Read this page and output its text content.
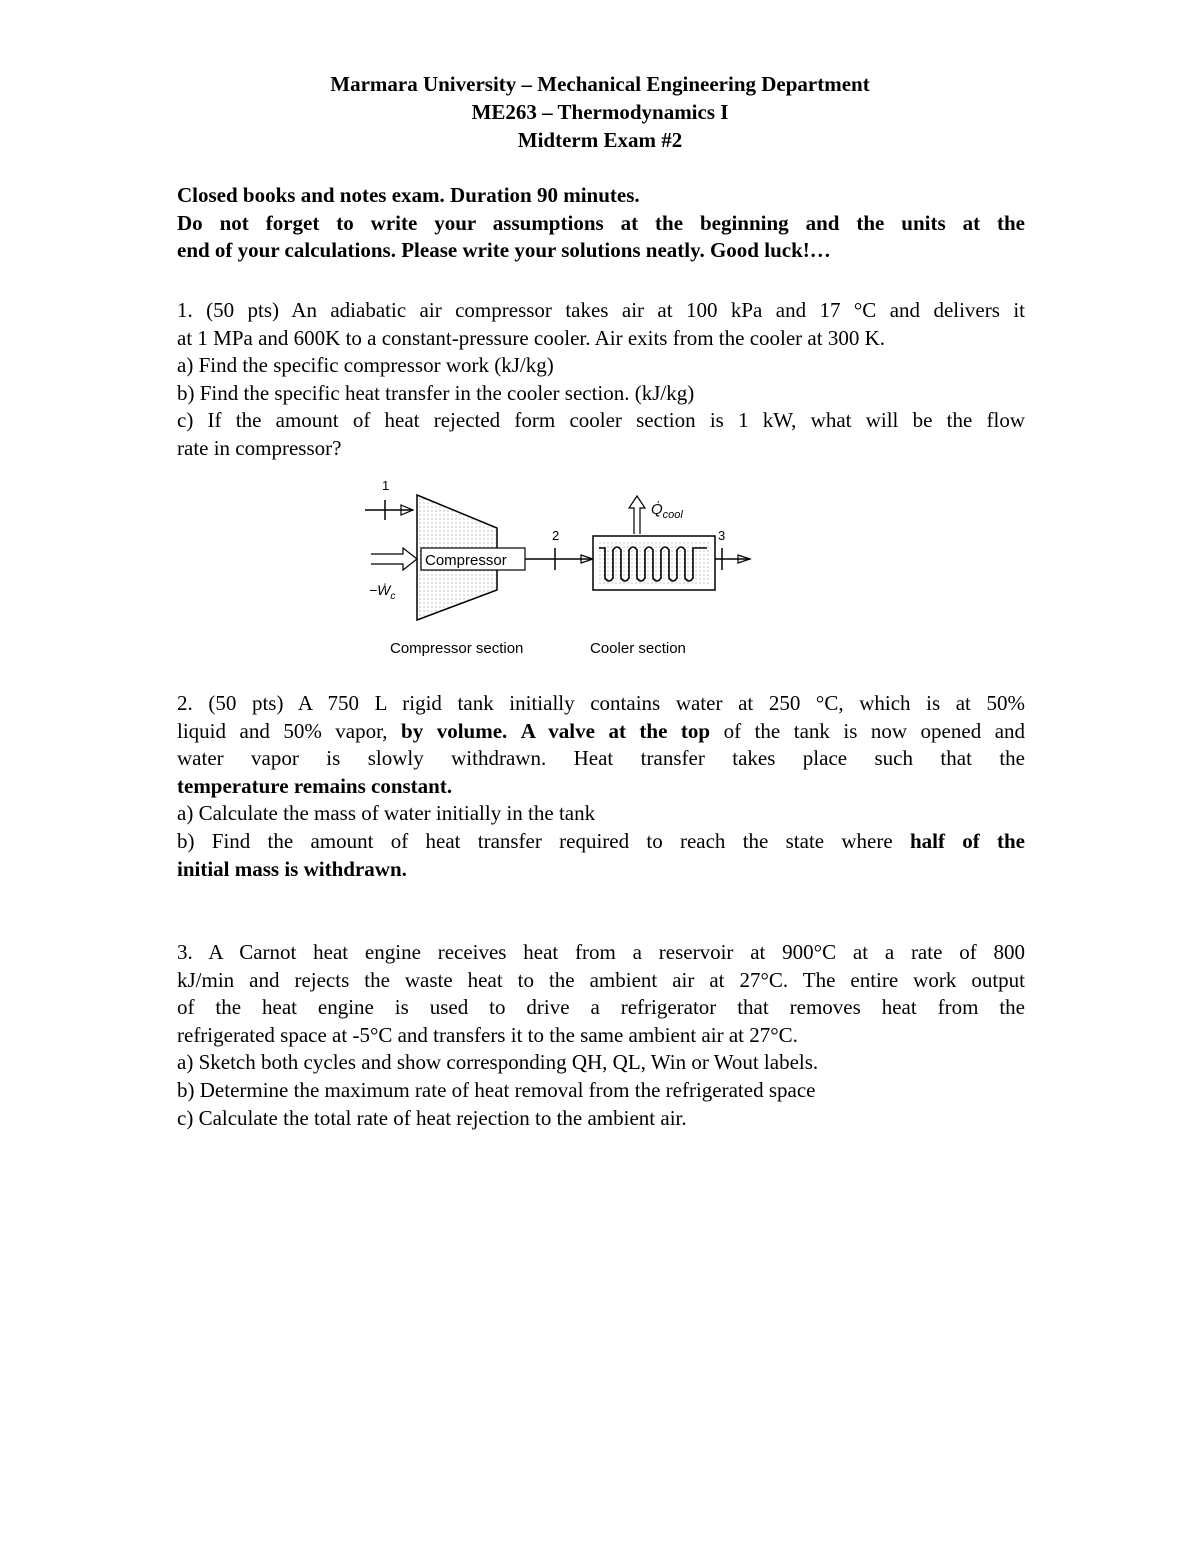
Marmara University – Mechanical Engineering Department
ME263 – Thermodynamics I
Midterm Exam #2

Closed books and notes exam. Duration 90 minutes.

Do not forget to write your assumptions at the beginning and the units at the

end of your calculations. Please write your solutions neatly. Good luck!…

1. (50 pts) An adiabatic air compressor takes air at 100 kPa and 17 °C and delivers it

at 1 MPa and 600K to a constant-pressure cooler. Air exits from the cooler at 300 K.

a) Find the specific compressor work (kJ/kg)

b) Find the specific heat transfer in the cooler section. (kJ/kg)

c) If the amount of heat rejected form cooler section is 1 kW, what will be the flow

rate in compressor?

1
Compressor
−Ẇ$_c$
2
$Q̇_{cool}$
3
Compressor section	Cooler section

2. (50 pts) A 750 L rigid tank initially contains water at 250 °C, which is at 50%

liquid and 50% vapor, by volume. A valve at the top of the tank is now opened and

water vapor is slowly withdrawn. Heat transfer takes place such that the

temperature remains constant.

a) Calculate the mass of water initially in the tank

b) Find the amount of heat transfer required to reach the state where half of the

initial mass is withdrawn.

3. A Carnot heat engine receives heat from a reservoir at 900°C at a rate of 800

kJ/min and rejects the waste heat to the ambient air at 27°C. The entire work output

of the heat engine is used to drive a refrigerator that removes heat from the

refrigerated space at -5°C and transfers it to the same ambient air at 27°C.

a) Sketch both cycles and show corresponding QH, QL, Win or Wout labels.

b) Determine the maximum rate of heat removal from the refrigerated space

c) Calculate the total rate of heat rejection to the ambient air.
